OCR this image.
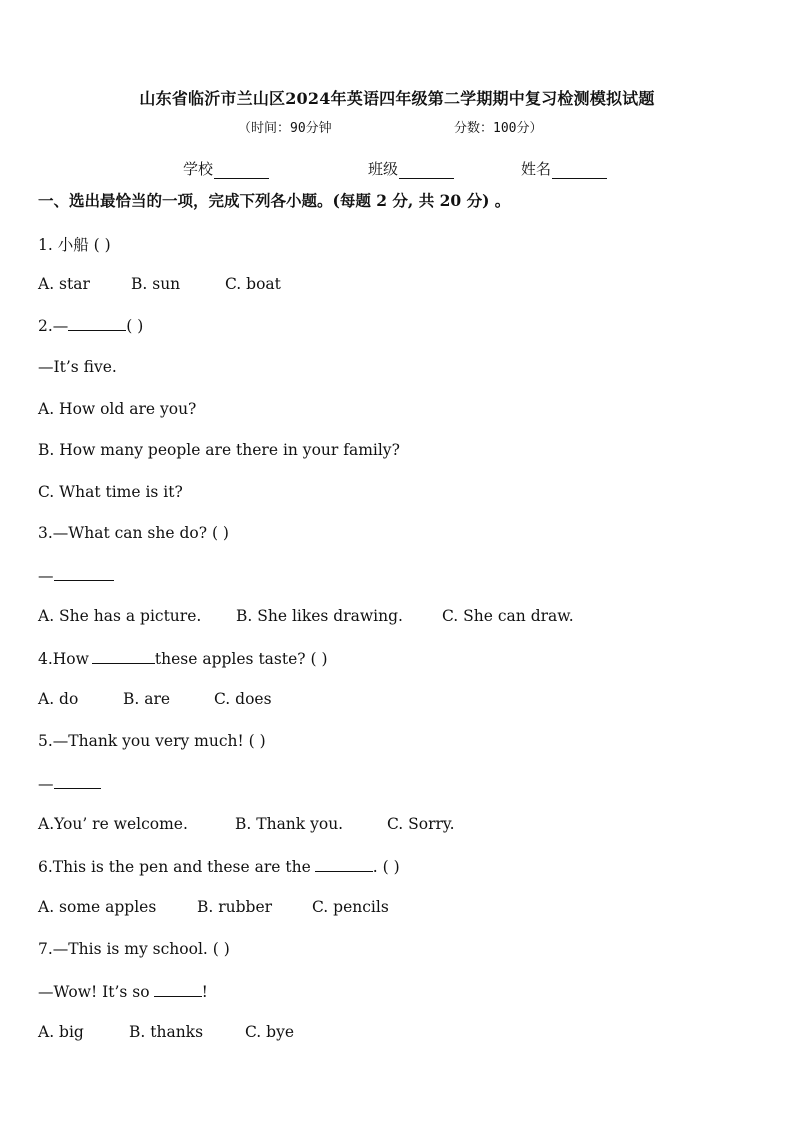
山东省临沂市兰山区2024年英语四年级第二学期期中复习检测模拟试题
（时间：90分钟	分数：100分）
学校	班级	姓名
一、选出最恰当的一项，完成下列各小题。(每题 2 分, 共 20 分) 。
1. 小船 ( )
A. star	B. sun	C. boat
2.—	( )
—It’s five.
A. How old are you?
B. How many people are there in your family?
C. What time is it?
3.—What can she do? ( )
—
A. She has a picture. B. She likes drawing.	C. She can draw.
4.How	these apples taste? ( )
A. do	B. are	C. does
5.—Thank you very much! ( )
—
A.You’ re welcome.	B. Thank you.	C. Sorry.
6.This is the pen and these are the	. ( )
A. some apples	B. rubber	C. pencils
7.—This is my school. ( )
—Wow! It’s so	!
A. big	B. thanks	C. bye
